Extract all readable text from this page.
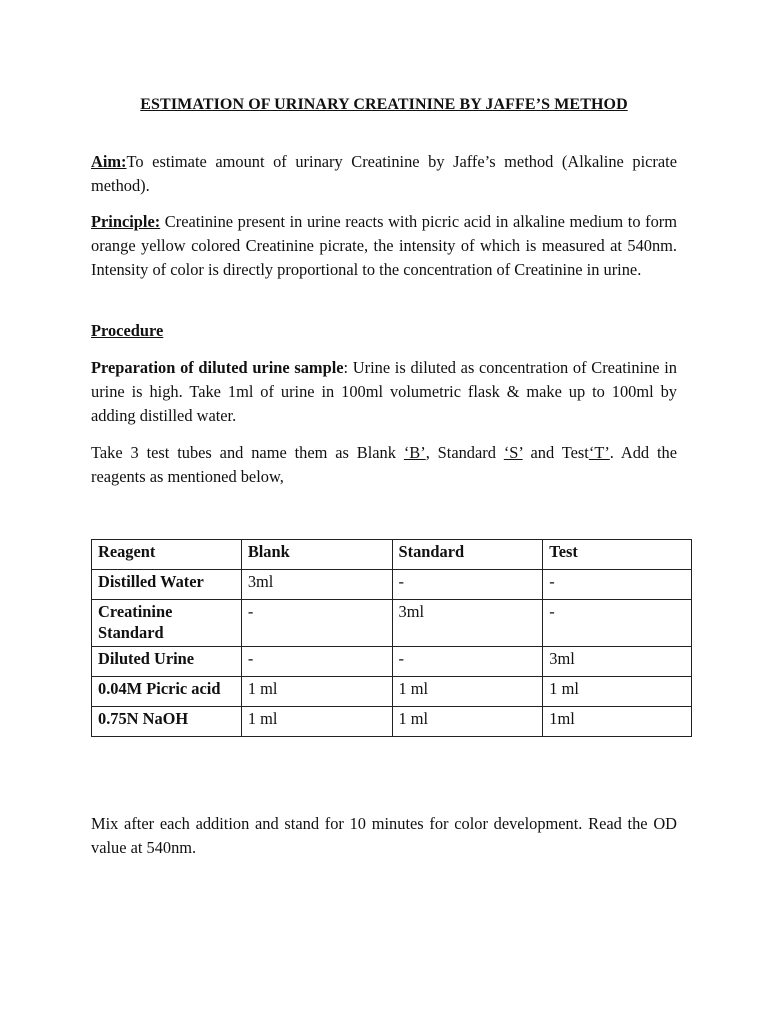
ESTIMATION OF URINARY CREATININE BY JAFFE’S METHOD

Aim:To estimate amount of urinary Creatinine by Jaffe’s method (Alkaline picrate method).

Principle: Creatinine present in urine reacts with picric acid in alkaline medium to form orange yellow colored Creatinine picrate, the intensity of which is measured at 540nm. Intensity of color is directly proportional to the concentration of Creatinine in urine.

Procedure

Preparation of diluted urine sample: Urine is diluted as concentration of Creatinine in urine is high. Take 1ml of urine in 100ml volumetric flask & make up to 100ml by adding distilled water.

Take 3 test tubes and name them as Blank ‘B’, Standard ‘S’ and Test‘T’. Add the reagents as mentioned below,

Reagent	Blank	Standard	Test
Distilled Water	3ml	-	-
Creatinine Standard	-	3ml	-
Diluted Urine	-	-	3ml
0.04M Picric acid	1 ml	1 ml	1 ml
0.75N NaOH	1 ml	1 ml	1ml

Mix after each addition and stand for 10 minutes for color development. Read the OD value at 540nm.
